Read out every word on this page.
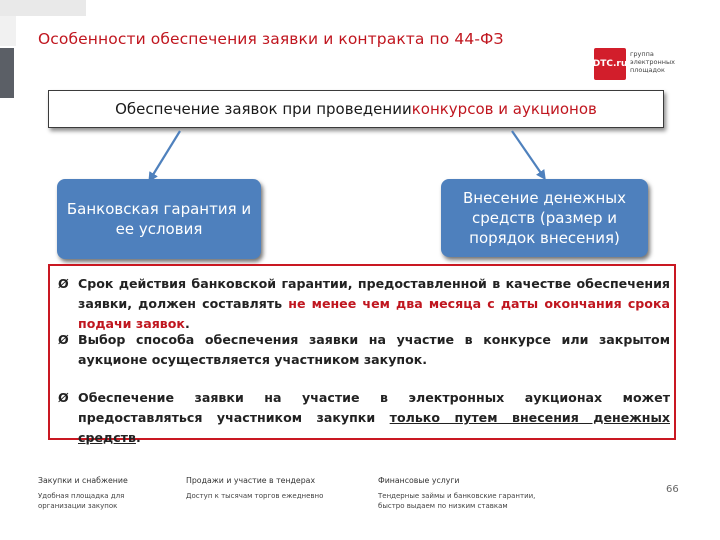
Особенности обеспечения заявки и контракта по 44-ФЗ
DTC.ru
группа
электронных
площадок
Обеспечение заявок при проведении конкурсов и аукционов
Банковская гарантия и ее условия
Внесение денежных средств (размер и порядок внесения)
Ø Срок действия банковской гарантии, предоставленной в качестве обеспечения заявки, должен составлять не менее чем два месяца с даты окончания срока подачи заявок.
Ø Выбор способа обеспечения заявки на участие в конкурсе или закрытом аукционе осуществляется участником закупок.
Ø Обеспечение заявки на участие в электронных аукционах может предоставляться участником закупки только путем внесения денежных средств.
Закупки и снабжение
Удобная площадка для
организации закупок
Продажи и участие в тендерах
Доступ к тысячам торгов ежедневно
Финансовые услуги
Тендерные займы и банковские гарантии,
быстро выдаем по низким ставкам
66
